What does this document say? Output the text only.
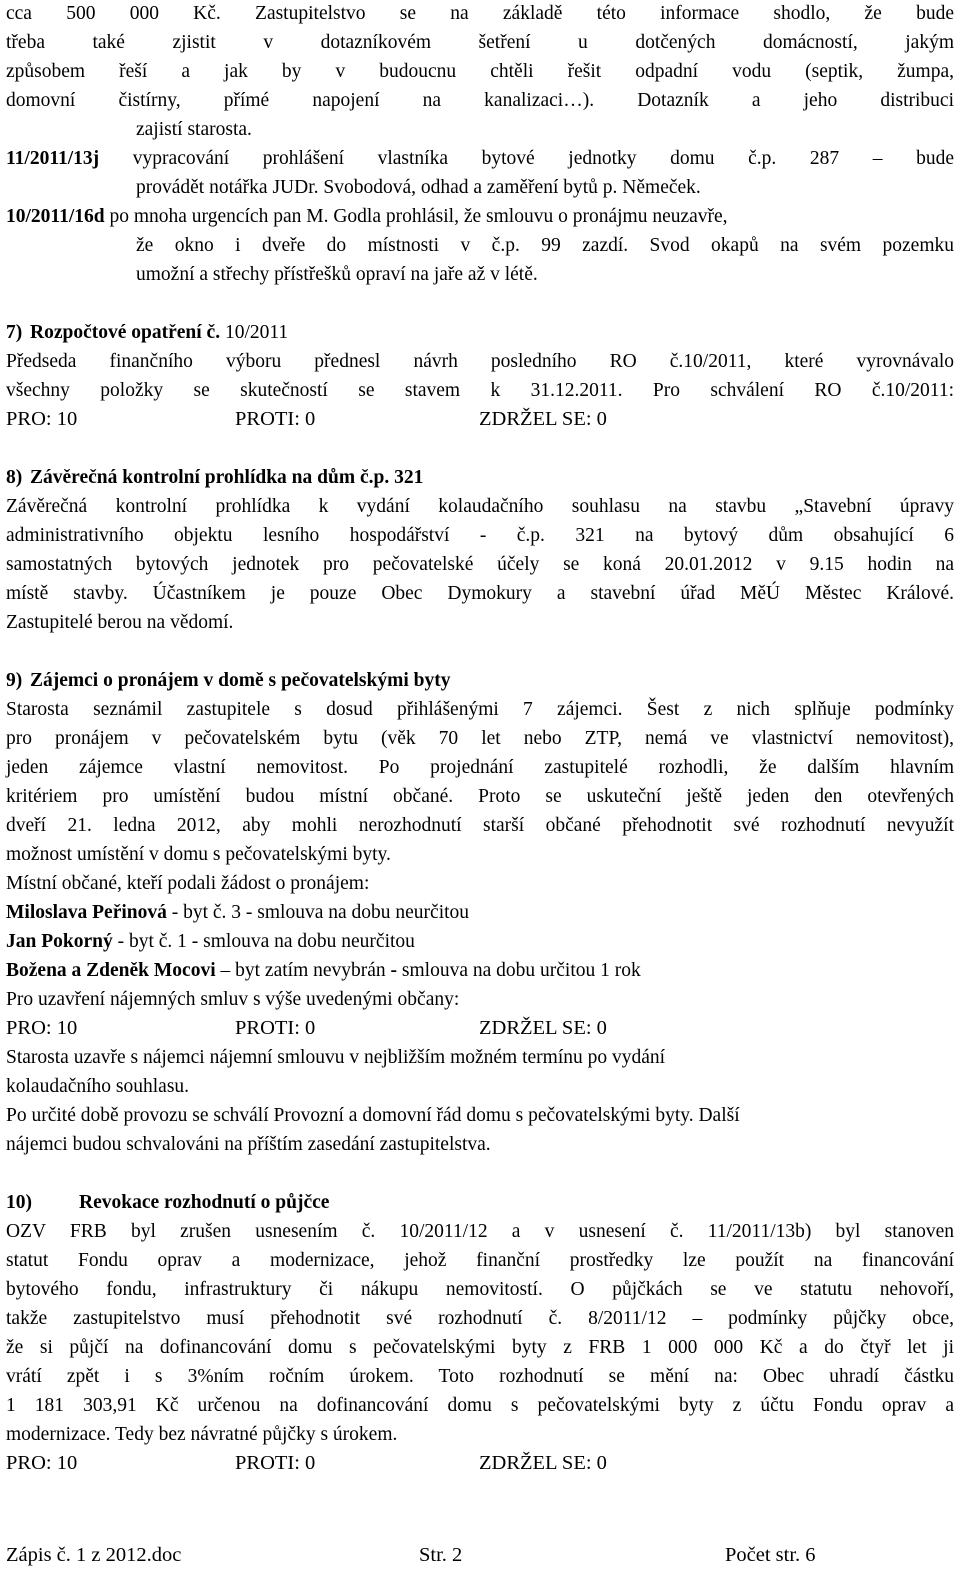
cca 500 000 Kč. Zastupitelstvo se na základě této informace shodlo, že bude

třeba také zjistit v dotazníkovém šetření u dotčených domácností, jakým

způsobem řeší a jak by v budoucnu chtěli řešit odpadní vodu (septik, žumpa,

domovní čistírny, přímé napojení na kanalizaci…). Dotazník a jeho distribuci

zajistí starosta.

11/2011/13j vypracování prohlášení vlastníka bytové jednotky domu č.p. 287 – bude

provádět notářka JUDr. Svobodová, odhad a zaměření bytů p. Němeček.

10/2011/16d po mnoha urgencích pan M. Godla prohlásil, že smlouvu o pronájmu neuzavře,

že okno i dveře do místnosti v č.p. 99 zazdí. Svod okapů na svém pozemku

umožní a střechy přístřešků opraví na jaře až v létě.

7) Rozpočtové opatření č. 10/2011

Předseda finančního výboru přednesl návrh posledního RO č.10/2011, které vyrovnávalo

všechny položky se skutečností se stavem k 31.12.2011. Pro schválení RO č.10/2011:

PRO: 10	PROTI: 0	ZDRŽEL SE: 0

8) Závěrečná kontrolní prohlídka na dům č.p. 321

Závěrečná kontrolní prohlídka k vydání kolaudačního souhlasu na stavbu „Stavební úpravy

administrativního objektu lesního hospodářství - č.p. 321 na bytový dům obsahující 6

samostatných bytových jednotek pro pečovatelské účely se koná 20.01.2012 v 9.15 hodin na

místě stavby. Účastníkem je pouze Obec Dymokury a stavební úřad MěÚ Městec Králové.

Zastupitelé berou na vědomí.

9) Zájemci o pronájem v domě s pečovatelskými byty

Starosta seznámil zastupitele s dosud přihlášenými 7 zájemci. Šest z nich splňuje podmínky

pro pronájem v pečovatelském bytu (věk 70 let nebo ZTP, nemá ve vlastnictví nemovitost),

jeden zájemce vlastní nemovitost. Po projednání zastupitelé rozhodli, že dalším hlavním

kritériem pro umístění budou místní občané. Proto se uskuteční ještě jeden den otevřených

dveří 21. ledna 2012, aby mohli nerozhodnutí starší občané přehodnotit své rozhodnutí nevyužít

možnost umístění v domu s pečovatelskými byty.

Místní občané, kteří podali žádost o pronájem:

Miloslava Peřinová - byt č. 3 - smlouva na dobu neurčitou

Jan Pokorný - byt č. 1 - smlouva na dobu neurčitou

Božena a Zdeněk Mocovi – byt zatím nevybrán - smlouva na dobu určitou 1 rok

Pro uzavření nájemných smluv s výše uvedenými občany:

PRO: 10	PROTI: 0	ZDRŽEL SE: 0

Starosta uzavře s nájemci nájemní smlouvu v nejbližším možném termínu po vydání

kolaudačního souhlasu.

Po určité době provozu se schválí Provozní a domovní řád domu s pečovatelskými byty. Další

nájemci budou schvalováni na příštím zasedání zastupitelstva.

10) Revokace rozhodnutí o půjčce

OZV FRB byl zrušen usnesením č. 10/2011/12 a v usnesení č. 11/2011/13b) byl stanoven

statut Fondu oprav a modernizace, jehož finanční prostředky lze použít na financování

bytového fondu, infrastruktury či nákupu nemovitostí. O půjčkách se ve statutu nehovoří,

takže zastupitelstvo musí přehodnotit své rozhodnutí č. 8/2011/12 – podmínky půjčky obce,

že si půjčí na dofinancování domu s pečovatelskými byty z FRB 1 000 000 Kč a do čtyř let ji

vrátí zpět i s 3%ním ročním úrokem. Toto rozhodnutí se mění na: Obec uhradí částku

1 181 303,91 Kč určenou na dofinancování domu s pečovatelskými byty z účtu Fondu oprav a

modernizace. Tedy bez návratné půjčky s úrokem.

PRO: 10	PROTI: 0	ZDRŽEL SE: 0

Zápis č. 1 z 2012.doc	Str. 2	Počet str. 6
